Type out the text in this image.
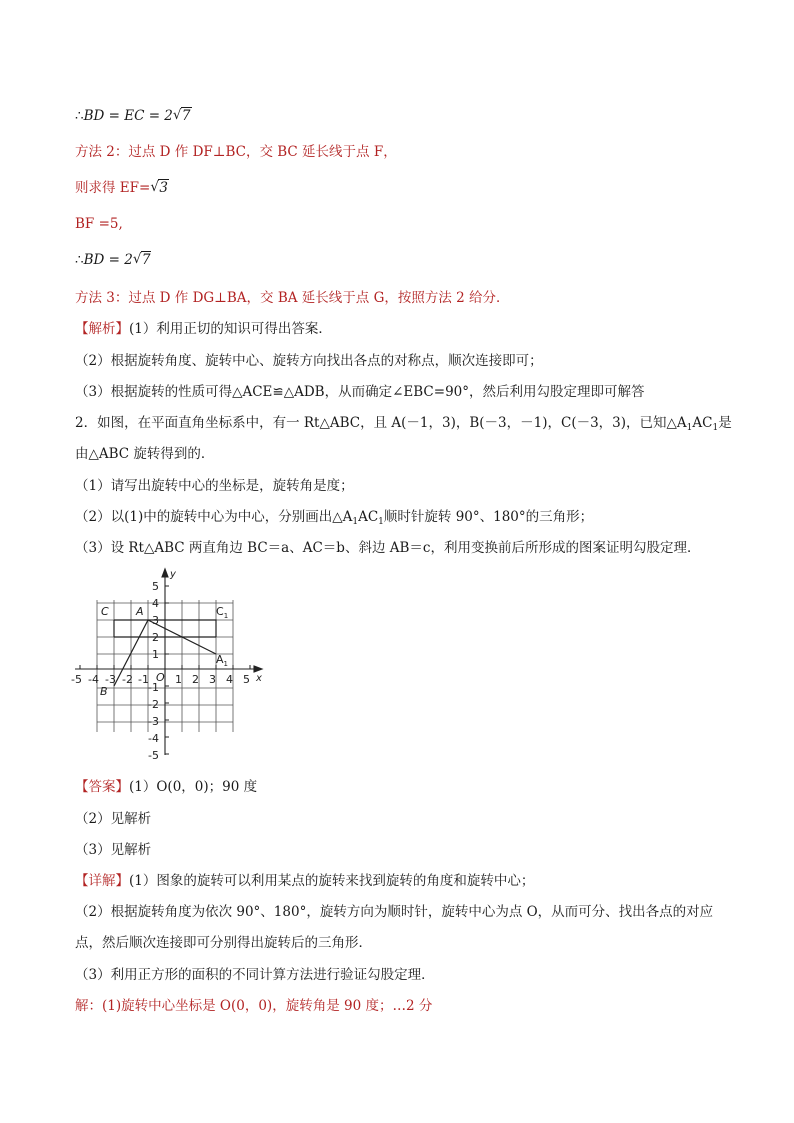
∴BD = EC = 2 √ 7
方法 2：过点 D 作 DF⊥BC，交 BC 延长线于点 F，
则求得 EF= √ 3
BF =5,
∴BD = 2 √ 7
方法 3：过点 D 作 DG⊥BA，交 BA 延长线于点 G，按照方法 2 给分．
【解析】(1）利用正切的知识可得出答案．
（2）根据旋转角度、旋转中心、旋转方向找出各点的对称点，顺次连接即可；
（3）根据旋转的性质可得△ACE≌△ADB，从而确定∠EBC=90°，然后利用勾股定理即可解答
2．如图，在平面直角坐标系中，有一 Rt△ABC，且 A(－1，3)，B(－3，－1)，C(－3，3)，已知$\triangle A_1AC_1$是
由△ABC 旋转得到的．
（1）请写出旋转中心的坐标是，旋转角是度；
（2）以(1)中的旋转中心为中心，分别画出$\triangle A_1AC_1$顺时针旋转 90°、180°的三角形；
（3）设 Rt△ABC 两直角边 BC＝a、AC＝b、斜边 AB＝c，利用变换前后所形成的图案证明勾股定理．
-5 -4 -3 -2 -1 1 2 3 4 5 x
5
4
3
2
1
-1
-2
-3
-4
-5
y
O
C A
B
$C_1$
$A_1$
【答案】(1）O(0，0)；90 度
（2）见解析
（3）见解析
【详解】(1）图象的旋转可以利用某点的旋转来找到旋转的角度和旋转中心；
（2）根据旋转角度为依次 90°、180°，旋转方向为顺时针，旋转中心为点 O，从而可分、找出各点的对应
点，然后顺次连接即可分别得出旋转后的三角形．
（3）利用正方形的面积的不同计算方法进行验证勾股定理．
解：(1)旋转中心坐标是 O(0，0)，旋转角是 90 度；…2 分
